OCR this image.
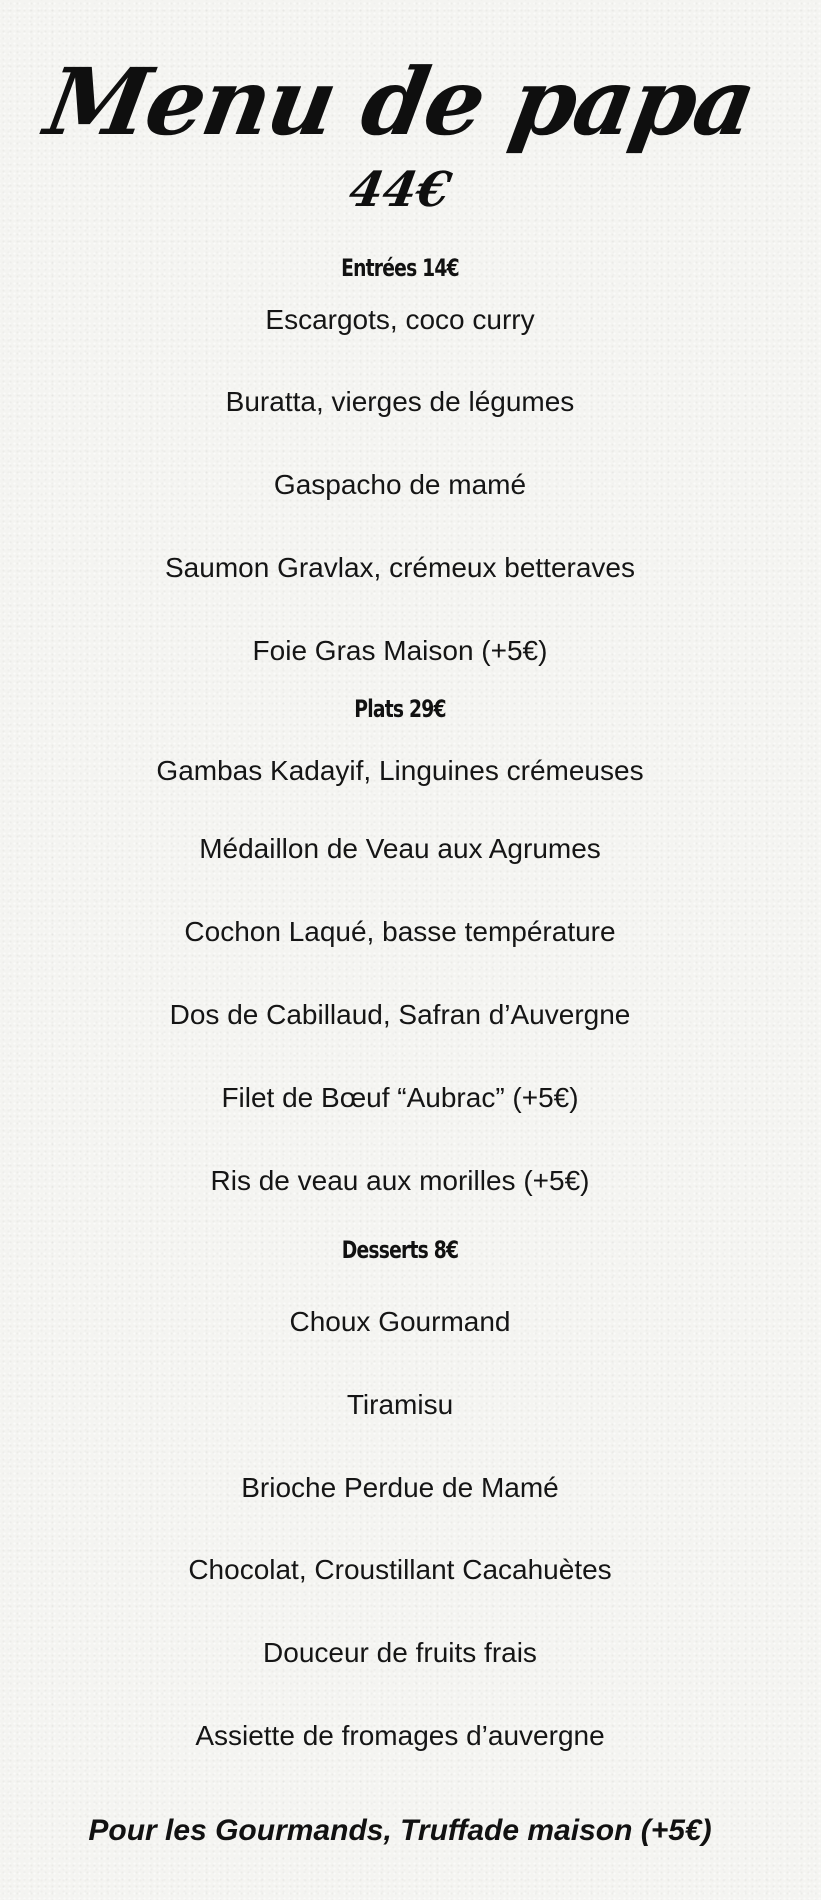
Menu de papa
44€
Entrées 14€
Escargots, coco curry
Buratta, vierges de légumes
Gaspacho de mamé
Saumon Gravlax, crémeux betteraves
Foie Gras Maison (+5€)
Plats 29€
Gambas Kadayif, Linguines crémeuses
Médaillon de Veau aux Agrumes
Cochon Laqué, basse température
Dos de Cabillaud, Safran d’Auvergne
Filet de Bœuf “Aubrac” (+5€)
Ris de veau aux morilles (+5€)
Desserts 8€
Choux Gourmand
Tiramisu
Brioche Perdue de Mamé
Chocolat, Croustillant Cacahuètes
Douceur de fruits frais
Assiette de fromages d’auvergne
Pour les Gourmands, Truffade maison (+5€)
